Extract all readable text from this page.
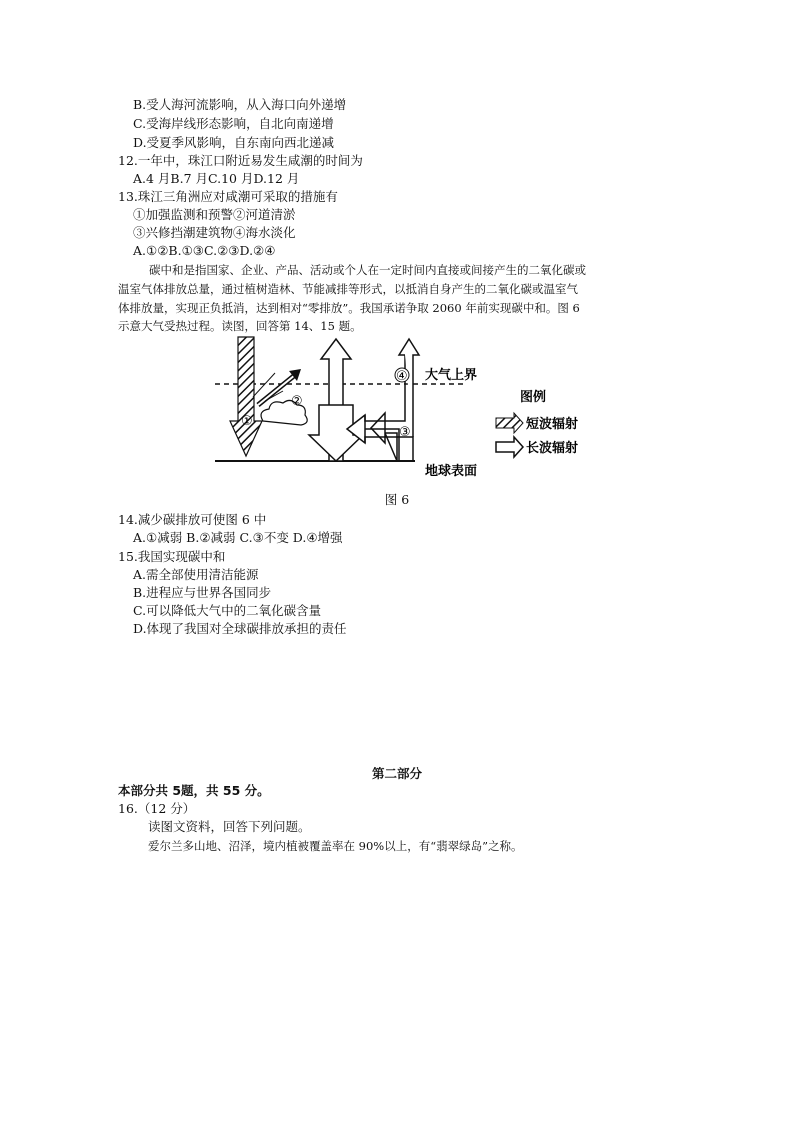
B.受人海河流影响，从入海口向外递增
C.受海岸线形态影响，自北向南递增
D.受夏季风影响，自东南向西北递减
12.一年中，珠江口附近易发生咸潮的时间为
A.4 月B.7 月C.10 月D.12 月
13.珠江三角洲应对咸潮可采取的措施有
①加强监测和预警②河道清淤
③兴修挡潮建筑物④海水淡化
A.①②B.①③C.②③D.②④
碳中和是指国家、企业、产品、活动或个人在一定时间内直接或间接产生的二氧化碳或
温室气体排放总量，通过植树造林、节能减排等形式，以抵消自身产生的二氧化碳或温室气
体排放量，实现正负抵消，达到相对“零排放”。我国承诺争取 2060 年前实现碳中和。图 6
示意大气受热过程。读图，回答第 14、15 题。
④
①
②
③
大气上界
地球表面
图例
短波辐射
长波辐射
图 6
14.减少碳排放可使图 6 中
A.①减弱 B.②减弱 C.③不变 D.④增强
15.我国实现碳中和
A.需全部使用清洁能源
B.进程应与世界各国同步
C.可以降低大气中的二氧化碳含量
D.体现了我国对全球碳排放承担的责任
第二部分
本部分共 5题，共 55 分。
16.（12 分）
读图文资料，回答下列问题。
爱尔兰多山地、沼泽，境内植被覆盖率在 90%以上，有“翡翠绿岛”之称。
